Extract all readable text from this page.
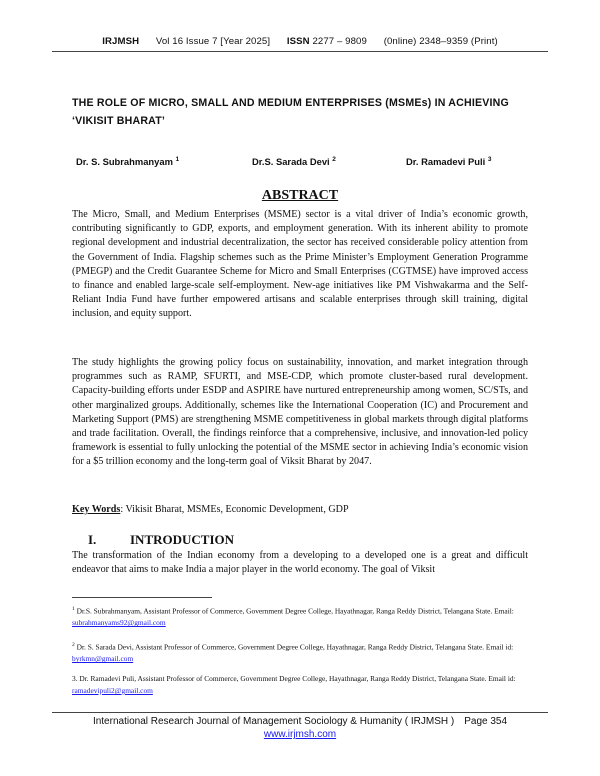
IRJMSH Vol 16 Issue 7 [Year 2025] ISSN 2277 – 9809 (0nline) 2348–9359 (Print)
THE ROLE OF MICRO, SMALL AND MEDIUM ENTERPRISES (MSMEs) IN ACHIEVING ‘VIKISIT BHARAT’
Dr. S. Subrahmanyam $^1$	Dr.S. Sarada Devi $^2$	Dr. Ramadevi Puli $^3$
ABSTRACT

The Micro, Small, and Medium Enterprises (MSME) sector is a vital driver of India’s economic growth, contributing significantly to GDP, exports, and employment generation. With its inherent ability to promote regional development and industrial decentralization, the sector has received considerable policy attention from the Government of India. Flagship schemes such as the Prime Minister’s Employment Generation Programme (PMEGP) and the Credit Guarantee Scheme for Micro and Small Enterprises (CGTMSE) have improved access to finance and enabled large-scale self-employment. New-age initiatives like PM Vishwakarma and the Self-Reliant India Fund have further empowered artisans and scalable enterprises through skill training, digital inclusion, and equity support.

The study highlights the growing policy focus on sustainability, innovation, and market integration through programmes such as RAMP, SFURTI, and MSE-CDP, which promote cluster-based rural development. Capacity-building efforts under ESDP and ASPIRE have nurtured entrepreneurship among women, SC/STs, and other marginalized groups. Additionally, schemes like the International Cooperation (IC) and Procurement and Marketing Support (PMS) are strengthening MSME competitiveness in global markets through digital platforms and trade facilitation. Overall, the findings reinforce that a comprehensive, inclusive, and innovation-led policy framework is essential to fully unlocking the potential of the MSME sector in achieving India’s economic vision for a $5 trillion economy and the long-term goal of Viksit Bharat by 2047.

Key Words: Vikisit Bharat, MSMEs, Economic Development, GDP
I.	INTRODUCTION

The transformation of the Indian economy from a developing to a developed one is a great and difficult endeavor that aims to make India a major player in the world economy. The goal of Viksit

$^1$ Dr.S. Subrahmanyam, Assistant Professor of Commerce, Government Degree College, Hayathnagar, Ranga Reddy District, Telangana State. Email: subrahmanyams92@gmail.com

$^2$ Dr. S. Sarada Devi, Assistant Professor of Commerce, Government Degree College, Hayathnagar, Ranga Reddy District, Telangana State. Email id: byrkmn@gmail.com

3. Dr. Ramadevi Puli, Assistant Professor of Commerce, Government Degree College, Hayathnagar, Ranga Reddy District, Telangana State. Email id: ramadevipuli2@gmail.com

International Research Journal of Management Sociology & Humanity ( IRJMSH ) Page 354
www.irjmsh.com
